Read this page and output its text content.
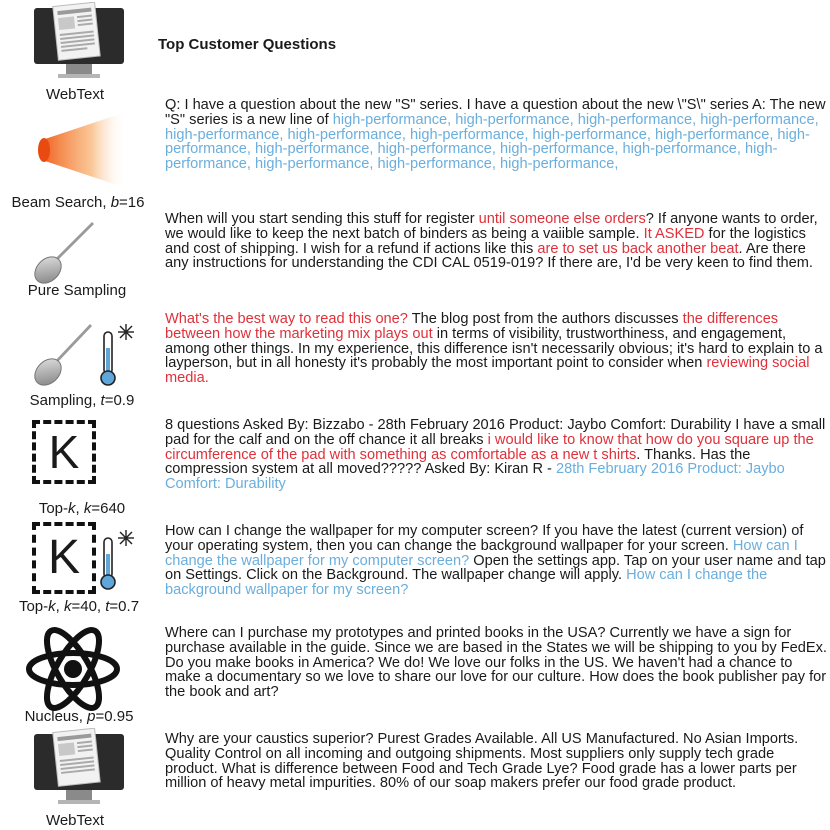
Top Customer Questions
WebText
Beam Search, b=16
Pure Sampling
Sampling, t=0.9
K
Top-k, k=640
K
Top-k, k=40, t=0.7
Nucleus, p=0.95
WebText
Q: I have a question about the new "S" series. I have a question about the new \"S\" series A: The new "S" series is a new line of high-performance, high-performance, high-performance, high-performance, high-performance, high-performance, high-performance, high-performance, high-performance, high-performance, high-performance, high-performance, high-performance, high-performance, high-performance, high-performance, high-performance, high-performance,
When will you start sending this stuff for register until someone else orders? If anyone wants to order, we would like to keep the next batch of binders as being a vaiible sample. It ASKED for the logistics and cost of shipping. I wish for a refund if actions like this are to set us back another beat. Are there any instructions for understanding the CDI CAL 0519-019? If there are, I'd be very keen to find them.
What's the best way to read this one? The blog post from the authors discusses the differences between how the marketing mix plays out in terms of visibility, trustworthiness, and engagement, among other things. In my experience, this difference isn't necessarily obvious; it's hard to explain to a layperson, but in all honesty it's probably the most important point to consider when reviewing social media.
8 questions Asked By: Bizzabo - 28th February 2016 Product: Jaybo Comfort: Durability I have a small pad for the calf and on the off chance it all breaks i would like to know that how do you square up the circumference of the pad with something as comfortable as a new t shirts. Thanks. Has the compression system at all moved????? Asked By: Kiran R - 28th February 2016 Product: Jaybo Comfort: Durability
How can I change the wallpaper for my computer screen? If you have the latest (current version) of your operating system, then you can change the background wallpaper for your screen. How can I change the wallpaper for my computer screen? Open the settings app. Tap on your user name and tap on Settings. Click on the Background. The wallpaper change will apply. How can I change the background wallpaper for my screen?
Where can I purchase my prototypes and printed books in the USA? Currently we have a sign for purchase available in the guide. Since we are based in the States we will be shipping to you by FedEx. Do you make books in America? We do! We love our folks in the US. We haven't had a chance to make a documentary so we love to share our love for our culture. How does the book publisher pay for the book and art?
Why are your caustics superior? Purest Grades Available. All US Manufactured. No Asian Imports. Quality Control on all incoming and outgoing shipments. Most suppliers only supply tech grade product. What is difference between Food and Tech Grade Lye? Food grade has a lower parts per million of heavy metal impurities. 80% of our soap makers prefer our food grade product.
